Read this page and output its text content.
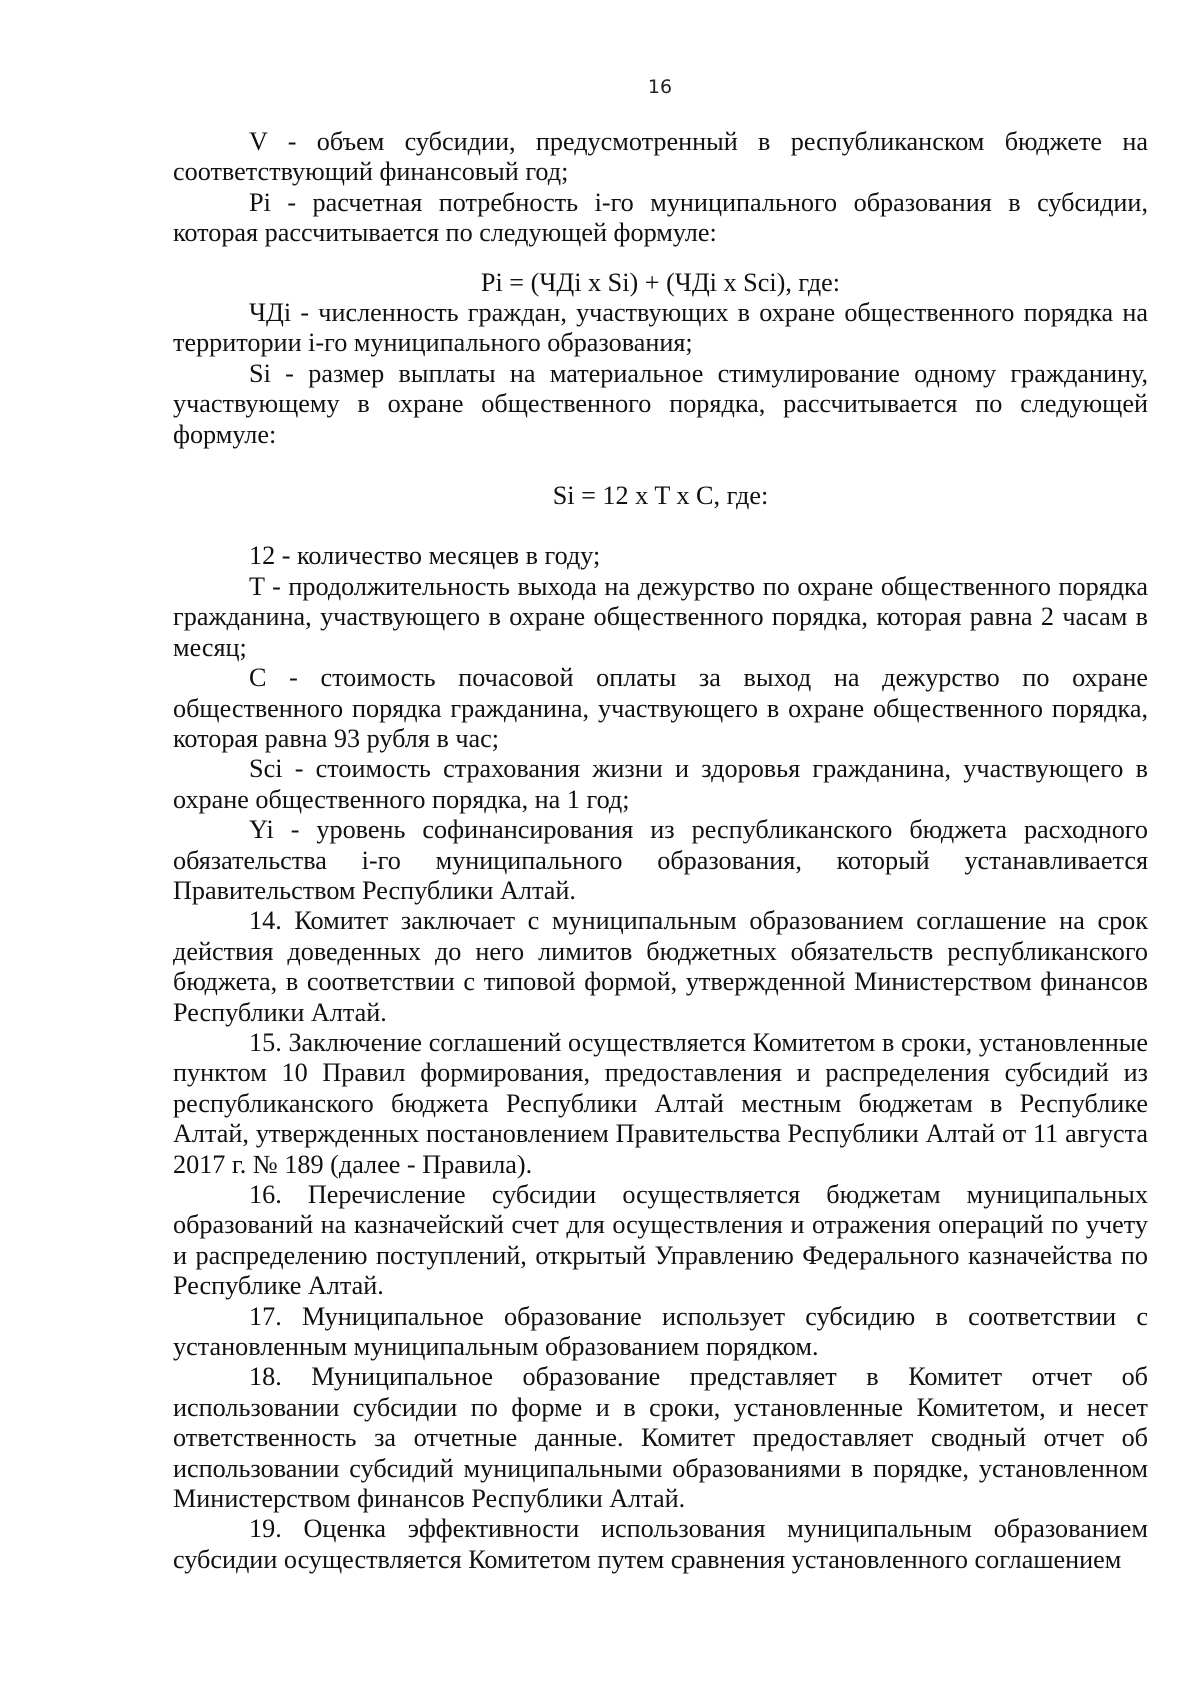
16

V - объем субсидии, предусмотренный в республиканском бюджете на соответствующий финансовый год;

Pi - расчетная потребность i-го муниципального образования в субсидии, которая рассчитывается по следующей формуле:

Pi = (ЧДi x Si) + (ЧДi x Sci), где:

ЧДi - численность граждан, участвующих в охране общественного порядка на территории i-го муниципального образования;

Si - размер выплаты на материальное стимулирование одному гражданину, участвующему в охране общественного порядка, рассчитывается по следующей формуле:

Si = 12 x T x C, где:

12 - количество месяцев в году;

T - продолжительность выхода на дежурство по охране общественного порядка гражданина, участвующего в охране общественного порядка, которая равна 2 часам в месяц;

C - стоимость почасовой оплаты за выход на дежурство по охране общественного порядка гражданина, участвующего в охране общественного порядка, которая равна 93 рубля в час;

Sci - стоимость страхования жизни и здоровья гражданина, участвующего в охране общественного порядка, на 1 год;

Yi - уровень софинансирования из республиканского бюджета расходного обязательства i-го муниципального образования, который устанавливается Правительством Республики Алтай.

14. Комитет заключает с муниципальным образованием соглашение на срок действия доведенных до него лимитов бюджетных обязательств республиканского бюджета, в соответствии с типовой формой, утвержденной Министерством финансов Республики Алтай.

15. Заключение соглашений осуществляется Комитетом в сроки, установленные пунктом 10 Правил формирования, предоставления и распределения субсидий из республиканского бюджета Республики Алтай местным бюджетам в Республике Алтай, утвержденных постановлением Правительства Республики Алтай от 11 августа 2017 г. № 189 (далее - Правила).

16. Перечисление субсидии осуществляется бюджетам муниципальных образований на казначейский счет для осуществления и отражения операций по учету и распределению поступлений, открытый Управлению Федерального казначейства по Республике Алтай.

17. Муниципальное образование использует субсидию в соответствии с установленным муниципальным образованием порядком.

18. Муниципальное образование представляет в Комитет отчет об использовании субсидии по форме и в сроки, установленные Комитетом, и несет ответственность за отчетные данные. Комитет предоставляет сводный отчет об использовании субсидий муниципальными образованиями в порядке, установленном Министерством финансов Республики Алтай.

19. Оценка эффективности использования муниципальным образованием субсидии осуществляется Комитетом путем сравнения установленного соглашением
